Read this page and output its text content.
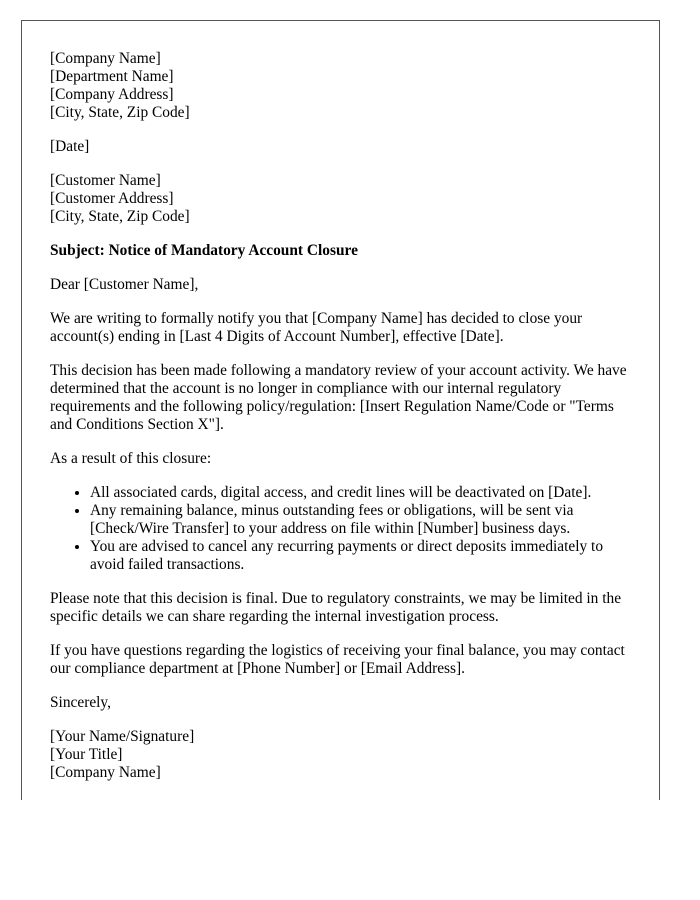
[Company Name]
[Department Name]
[Company Address]
[City, State, Zip Code]
[Date]
[Customer Name]
[Customer Address]
[City, State, Zip Code]

Subject: Notice of Mandatory Account Closure

Dear [Customer Name],

We are writing to formally notify you that [Company Name] has decided to close your account(s) ending in [Last 4 Digits of Account Number], effective [Date].

This decision has been made following a mandatory review of your account activity. We have determined that the account is no longer in compliance with our internal regulatory requirements and the following policy/regulation: [Insert Regulation Name/Code or "Terms and Conditions Section X"].

As a result of this closure:

• All associated cards, digital access, and credit lines will be deactivated on [Date].
• Any remaining balance, minus outstanding fees or obligations, will be sent via [Check/Wire Transfer] to your address on file within [Number] business days.
• You are advised to cancel any recurring payments or direct deposits immediately to avoid failed transactions.

Please note that this decision is final. Due to regulatory constraints, we may be limited in the specific details we can share regarding the internal investigation process.

If you have questions regarding the logistics of receiving your final balance, you may contact our compliance department at [Phone Number] or [Email Address].

Sincerely,

[Your Name/Signature]
[Your Title]
[Company Name]
